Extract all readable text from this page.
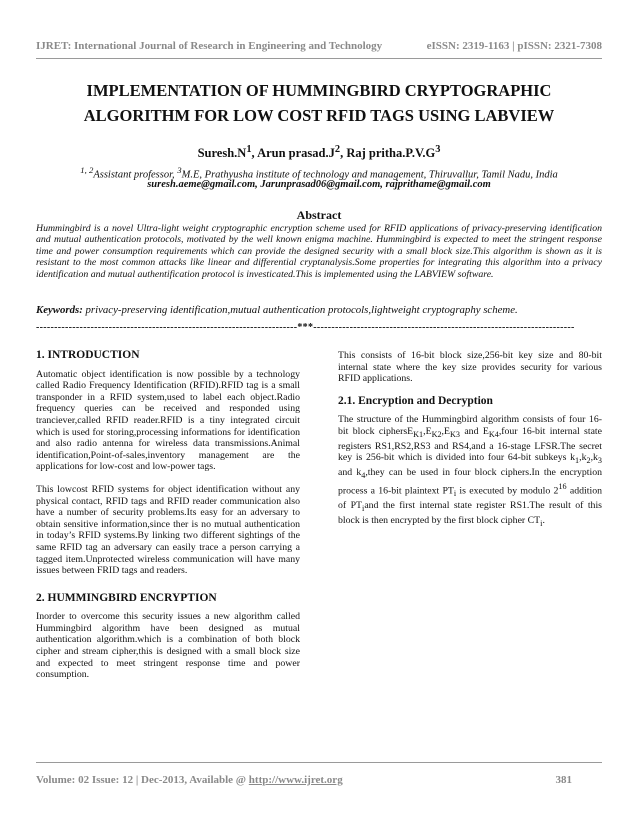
IJRET: International Journal of Research in Engineering and Technology	eISSN: 2319-1163 | pISSN: 2321-7308
IMPLEMENTATION OF HUMMINGBIRD CRYPTOGRAPHIC
ALGORITHM FOR LOW COST RFID TAGS USING LABVIEW
$Suresh.N^1$, Arun $prasad.J^2$, Raj $pritha.P.V.G^3$
$^{1, 2}$Assistant professor, $^3$M.E, Prathyusha institute of technology and management, Thiruvallur, Tamil Nadu, India
suresh.aeme@gmail.com, Jarunprasad06@gmail.com, rajprithame@gmail.com
Abstract
Hummingbird is a novel Ultra-light weight cryptographic encryption scheme used for RFID applications of privacy-preserving identification and mutual authentication protocols, motivated by the well known enigma machine. Hummingbird is expected to meet the stringent response time and power consumption requirements which can provide the designed security with a small block size.This algorithm is shown as it is resistant to the most common attacks like linear and differential cryptanalysis.Some properties for integrating this algorithm into a privacy identification and mutual authentification protocol is investicated.This is implemented using the LABVIEW software.
Keywords: privacy-preserving identification,mutual authentication protocols,lightweight cryptography scheme.
------------------------------------------------------------------------***------------------------------------------------------------------------
1. INTRODUCTION

Automatic object identification is now possible by a technology called Radio Frequency Identification (RFID).RFID tag is a small transponder in a RFID system,used to label each object.Radio frequency queries can be received and responded using tranciever,called RFID reader.RFID is a tiny integrated circuit which is used for storing,processing informations for identification and also radio antenna for wireless data transmissions.Animal identification,Point-of-sales,inventory management are the applications for low-cost and low-power tags.

This lowcost RFID systems for object identification without any physical contact, RFID tags and RFID reader communication also have a number of security problems.Its easy for an adversary to obtain sensitive information,since ther is no mutual authentication in today’s RFID systems.By linking two different sightings of the same RFID tag an adversary can easily trace a person carrying a tagged item.Unprotected wireless communication will have many issues between FRID tags and readers.

2. HUMMINGBIRD ENCRYPTION

Inorder to overcome this security issues a new algorithm called Hummingbird algorithm have been designed as mutual authentication algorithm.which is a combination of both block cipher and stream cipher,this is designed with a small block size and expected to meet stringent response time and power consumption.

This consists of 16-bit block size,256-bit key size and 80-bit internal state where the key size provides security for various RFID applications.

2.1. Encryption and Decryption

The structure of the Hummingbird algorithm consists of four 16-bit block $ciphersE_{K1},E_{K2},E_{K3}$ and $E_{K4},four$ 16-bit internal state registers RS1,RS2,RS3 and RS4,and a 16-stage LFSR.The secret key is 256-bit which is divided into four 64-bit subkeys $k_1,k_2,k_3$ and $k_4,they$ can be used in four block ciphers.In the encryption process a 16-bit plaintext $PT_i$ is executed by modulo $2^{16}$ addition of $PT_iand$ the first internal state register RS1.The result of this block is then encrypted by the first block cipher $CT_i$.

Volume: 02 Issue: 12 | Dec-2013, Available @ http://www.ijret.org	381
